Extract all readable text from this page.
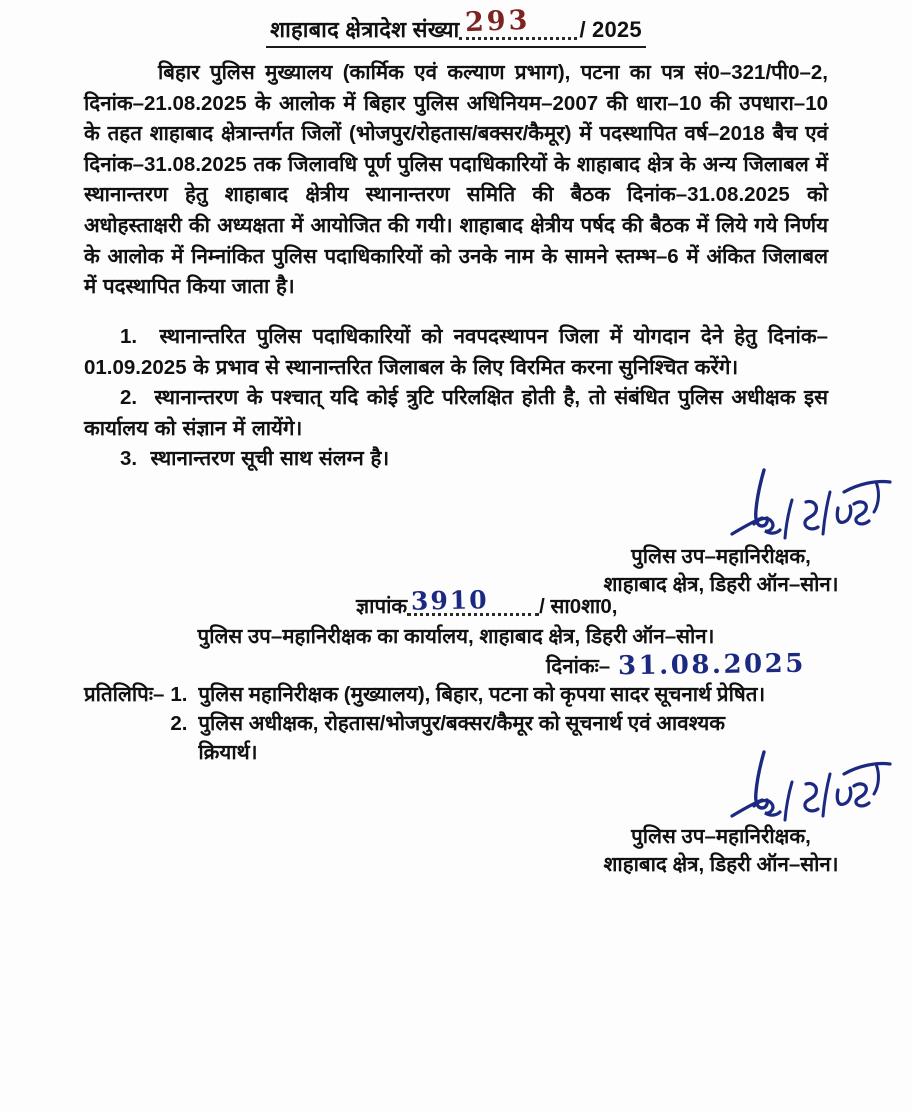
शाहाबाद क्षेत्रादेश संख्या 293 / 2025

बिहार पुलिस मुख्यालय (कार्मिक एवं कल्याण प्रभाग), पटना का पत्र सं0–321/पी0–2, दिनांक–21.08.2025 के आलोक में बिहार पुलिस अधिनियम–2007 की धारा–10 की उपधारा–10 के तहत शाहाबाद क्षेत्रान्तर्गत जिलों (भोजपुर/रोहतास/बक्सर/कैमूर) में पदस्थापित वर्ष–2018 बैच एवं दिनांक–31.08.2025 तक जिलावधि पूर्ण पुलिस पदाधिकारियों के शाहाबाद क्षेत्र के अन्य जिलाबल में स्थानान्तरण हेतु शाहाबाद क्षेत्रीय स्थानान्तरण समिति की बैठक दिनांक–31.08.2025 को अधोहस्ताक्षरी की अध्यक्षता में आयोजित की गयी। शाहाबाद क्षेत्रीय पर्षद की बैठक में लिये गये निर्णय के आलोक में निम्नांकित पुलिस पदाधिकारियों को उनके नाम के सामने स्तम्भ–6 में अंकित जिलाबल में पदस्थापित किया जाता है।

1. स्थानान्तरित पुलिस पदाधिकारियों को नवपदस्थापन जिला में योगदान देने हेतु दिनांक–01.09.2025 के प्रभाव से स्थानान्तरित जिलाबल के लिए विरमित करना सुनिश्चित करेंगे।
2. स्थानान्तरण के पश्चात् यदि कोई त्रुटि परिलक्षित होती है, तो संबंधित पुलिस अधीक्षक इस कार्यालय को संज्ञान में लायेंगे।
3. स्थानान्तरण सूची साथ संलग्न है।
पुलिस उप–महानिरीक्षक,
शाहाबाद क्षेत्र, डिहरी ऑन–सोन।
ज्ञापांक 3910 / सा0शा0,
पुलिस उप–महानिरीक्षक का कार्यालय, शाहाबाद क्षेत्र, डिहरी ऑन–सोन।
दिनांकः– 31.08.2025
प्रतिलिपिः– 1. पुलिस महानिरीक्षक (मुख्यालय), बिहार, पटना को कृपया सादर सूचनार्थ प्रेषित।
2. पुलिस अधीक्षक, रोहतास/भोजपुर/बक्सर/कैमूर को सूचनार्थ एवं आवश्यक
क्रियार्थ।
पुलिस उप–महानिरीक्षक,
शाहाबाद क्षेत्र, डिहरी ऑन–सोन।
